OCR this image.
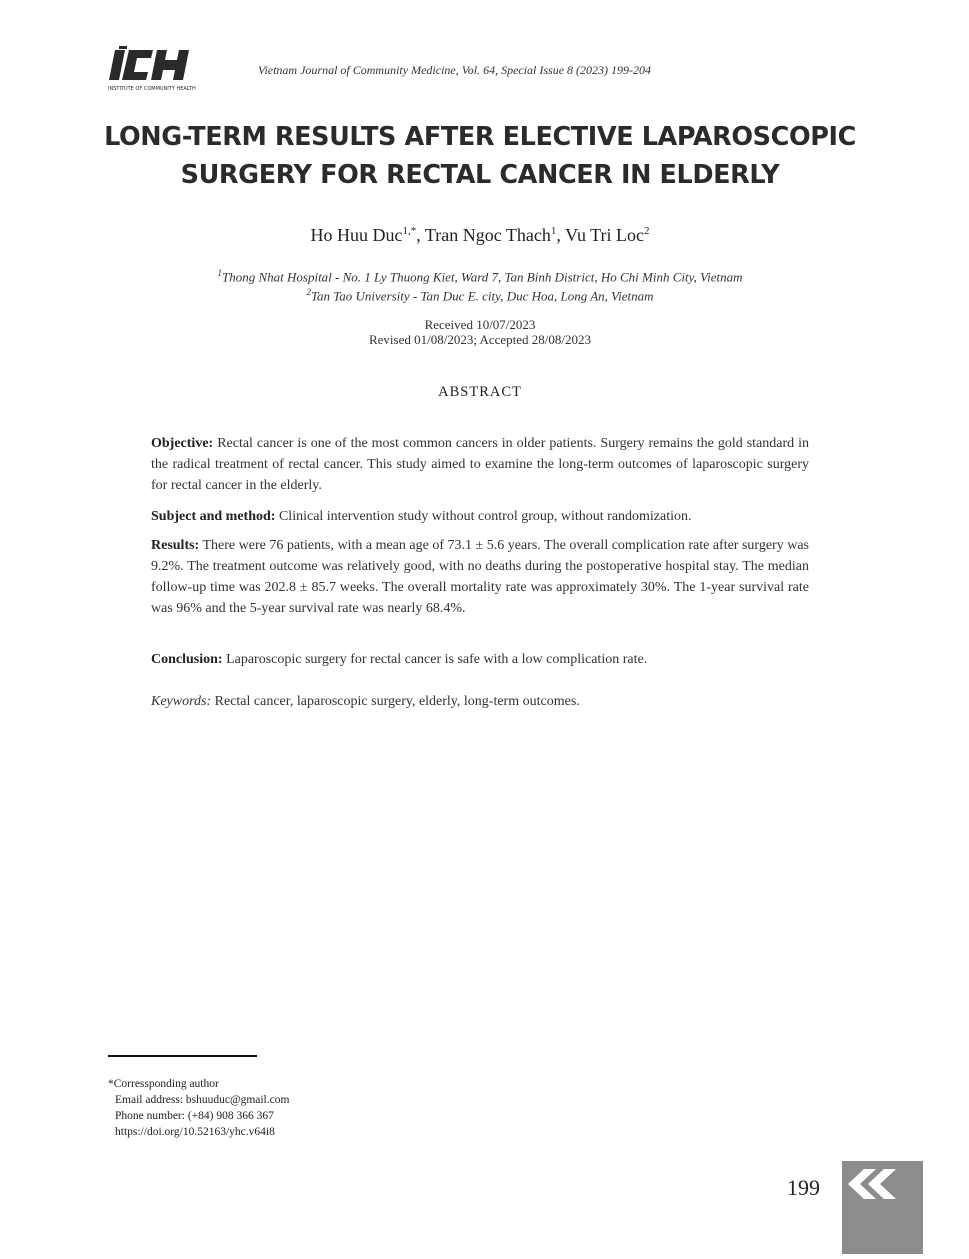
INSTITUTE OF COMMUNITY HEALTH
Vietnam Journal of Community Medicine, Vol. 64, Special Issue 8 (2023) 199-204
LONG-TERM RESULTS AFTER ELECTIVE LAPAROSCOPIC
SURGERY FOR RECTAL CANCER IN ELDERLY
Ho Huu Duc$^{1,*}$, Tran Ngoc Thach$^1$, Vu Tri Loc$^2$
$^1$Thong Nhat Hospital - No. 1 Ly Thuong Kiet, Ward 7, Tan Binh District, Ho Chi Minh City, Vietnam
$^2$Tan Tao University - Tan Duc E. city, Duc Hoa, Long An, Vietnam
Received 10/07/2023
Revised 01/08/2023; Accepted 28/08/2023
ABSTRACT
Objective: Rectal cancer is one of the most common cancers in older patients. Surgery remains the gold standard in the radical treatment of rectal cancer. This study aimed to examine the long-term outcomes of laparoscopic surgery for rectal cancer in the elderly.
Subject and method: Clinical intervention study without control group, without randomization.
Results: There were 76 patients, with a mean age of 73.1 ± 5.6 years. The overall complication rate after surgery was 9.2%. The treatment outcome was relatively good, with no deaths during the postoperative hospital stay. The median follow-up time was 202.8 ± 85.7 weeks. The overall mortality rate was approximately 30%. The 1-year survival rate was 96% and the 5-year survival rate was nearly 68.4%.
Conclusion: Laparoscopic surgery for rectal cancer is safe with a low complication rate.
Keywords: Rectal cancer, laparoscopic surgery, elderly, long-term outcomes.
*Corressponding author
Email address: bshuuduc@gmail.com
Phone number: (+84) 908 366 367
https://doi.org/10.52163/yhc.v64i8
199
